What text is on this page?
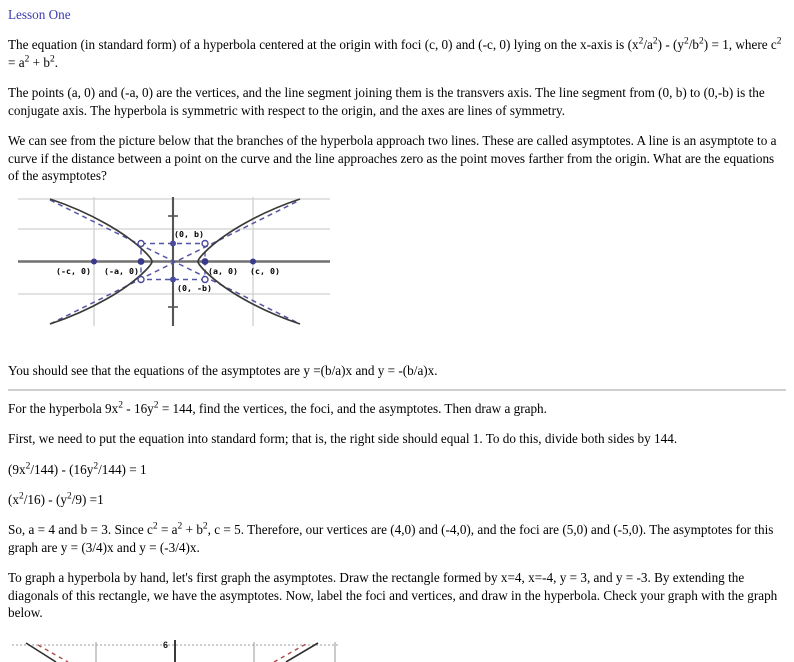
Lesson One

The equation (in standard form) of a hyperbola centered at the origin with foci (c, 0) and (-c, 0) lying on the x-axis is $(x^2/a^2) - (y^2/b^2) = 1$, where $c^2 = a^2 + b^2$.

The points (a, 0) and (-a, 0) are the vertices, and the line segment joining them is the transvers axis. The line segment from (0, b) to (0,-b) is the conjugate axis. The hyperbola is symmetric with respect to the origin, and the axes are lines of symmetry.

We can see from the picture below that the branches of the hyperbola approach two lines. These are called asymptotes. A line is an asymptote to a curve if the distance between a point on the curve and the line approaches zero as the point moves farther from the origin. What are the equations of the asymptotes?

(-c, 0) (-a, 0)	(a, 0) (c, 0)
(0, b)
(0, -b)

You should see that the equations of the asymptotes are y =(b/a)x and y = -(b/a)x.

For the hyperbola $9x^2 - 16y^2 = 144$, find the vertices, the foci, and the asymptotes. Then draw a graph.

First, we need to put the equation into standard form; that is, the right side should equal 1. To do this, divide both sides by 144.

$(9x^2/144) - (16y^2/144) = 1$

$(x^2/16) - (y^2/9) =1$

So, a = 4 and b = 3. Since $c^2 = a^2 + b^2$, c = 5. Therefore, our vertices are (4,0) and (-4,0), and the foci are (5,0) and (-5,0). The asymptotes for this graph are y = (3/4)x and y = (-3/4)x.

To graph a hyperbola by hand, let's first graph the asymptotes. Draw the rectangle formed by x=4, x=-4, y = 3, and y = -3. By extending the diagonals of this rectangle, we have the asymptotes. Now, label the foci and vertices, and draw in the hyperbola. Check your graph with the graph below.

6
